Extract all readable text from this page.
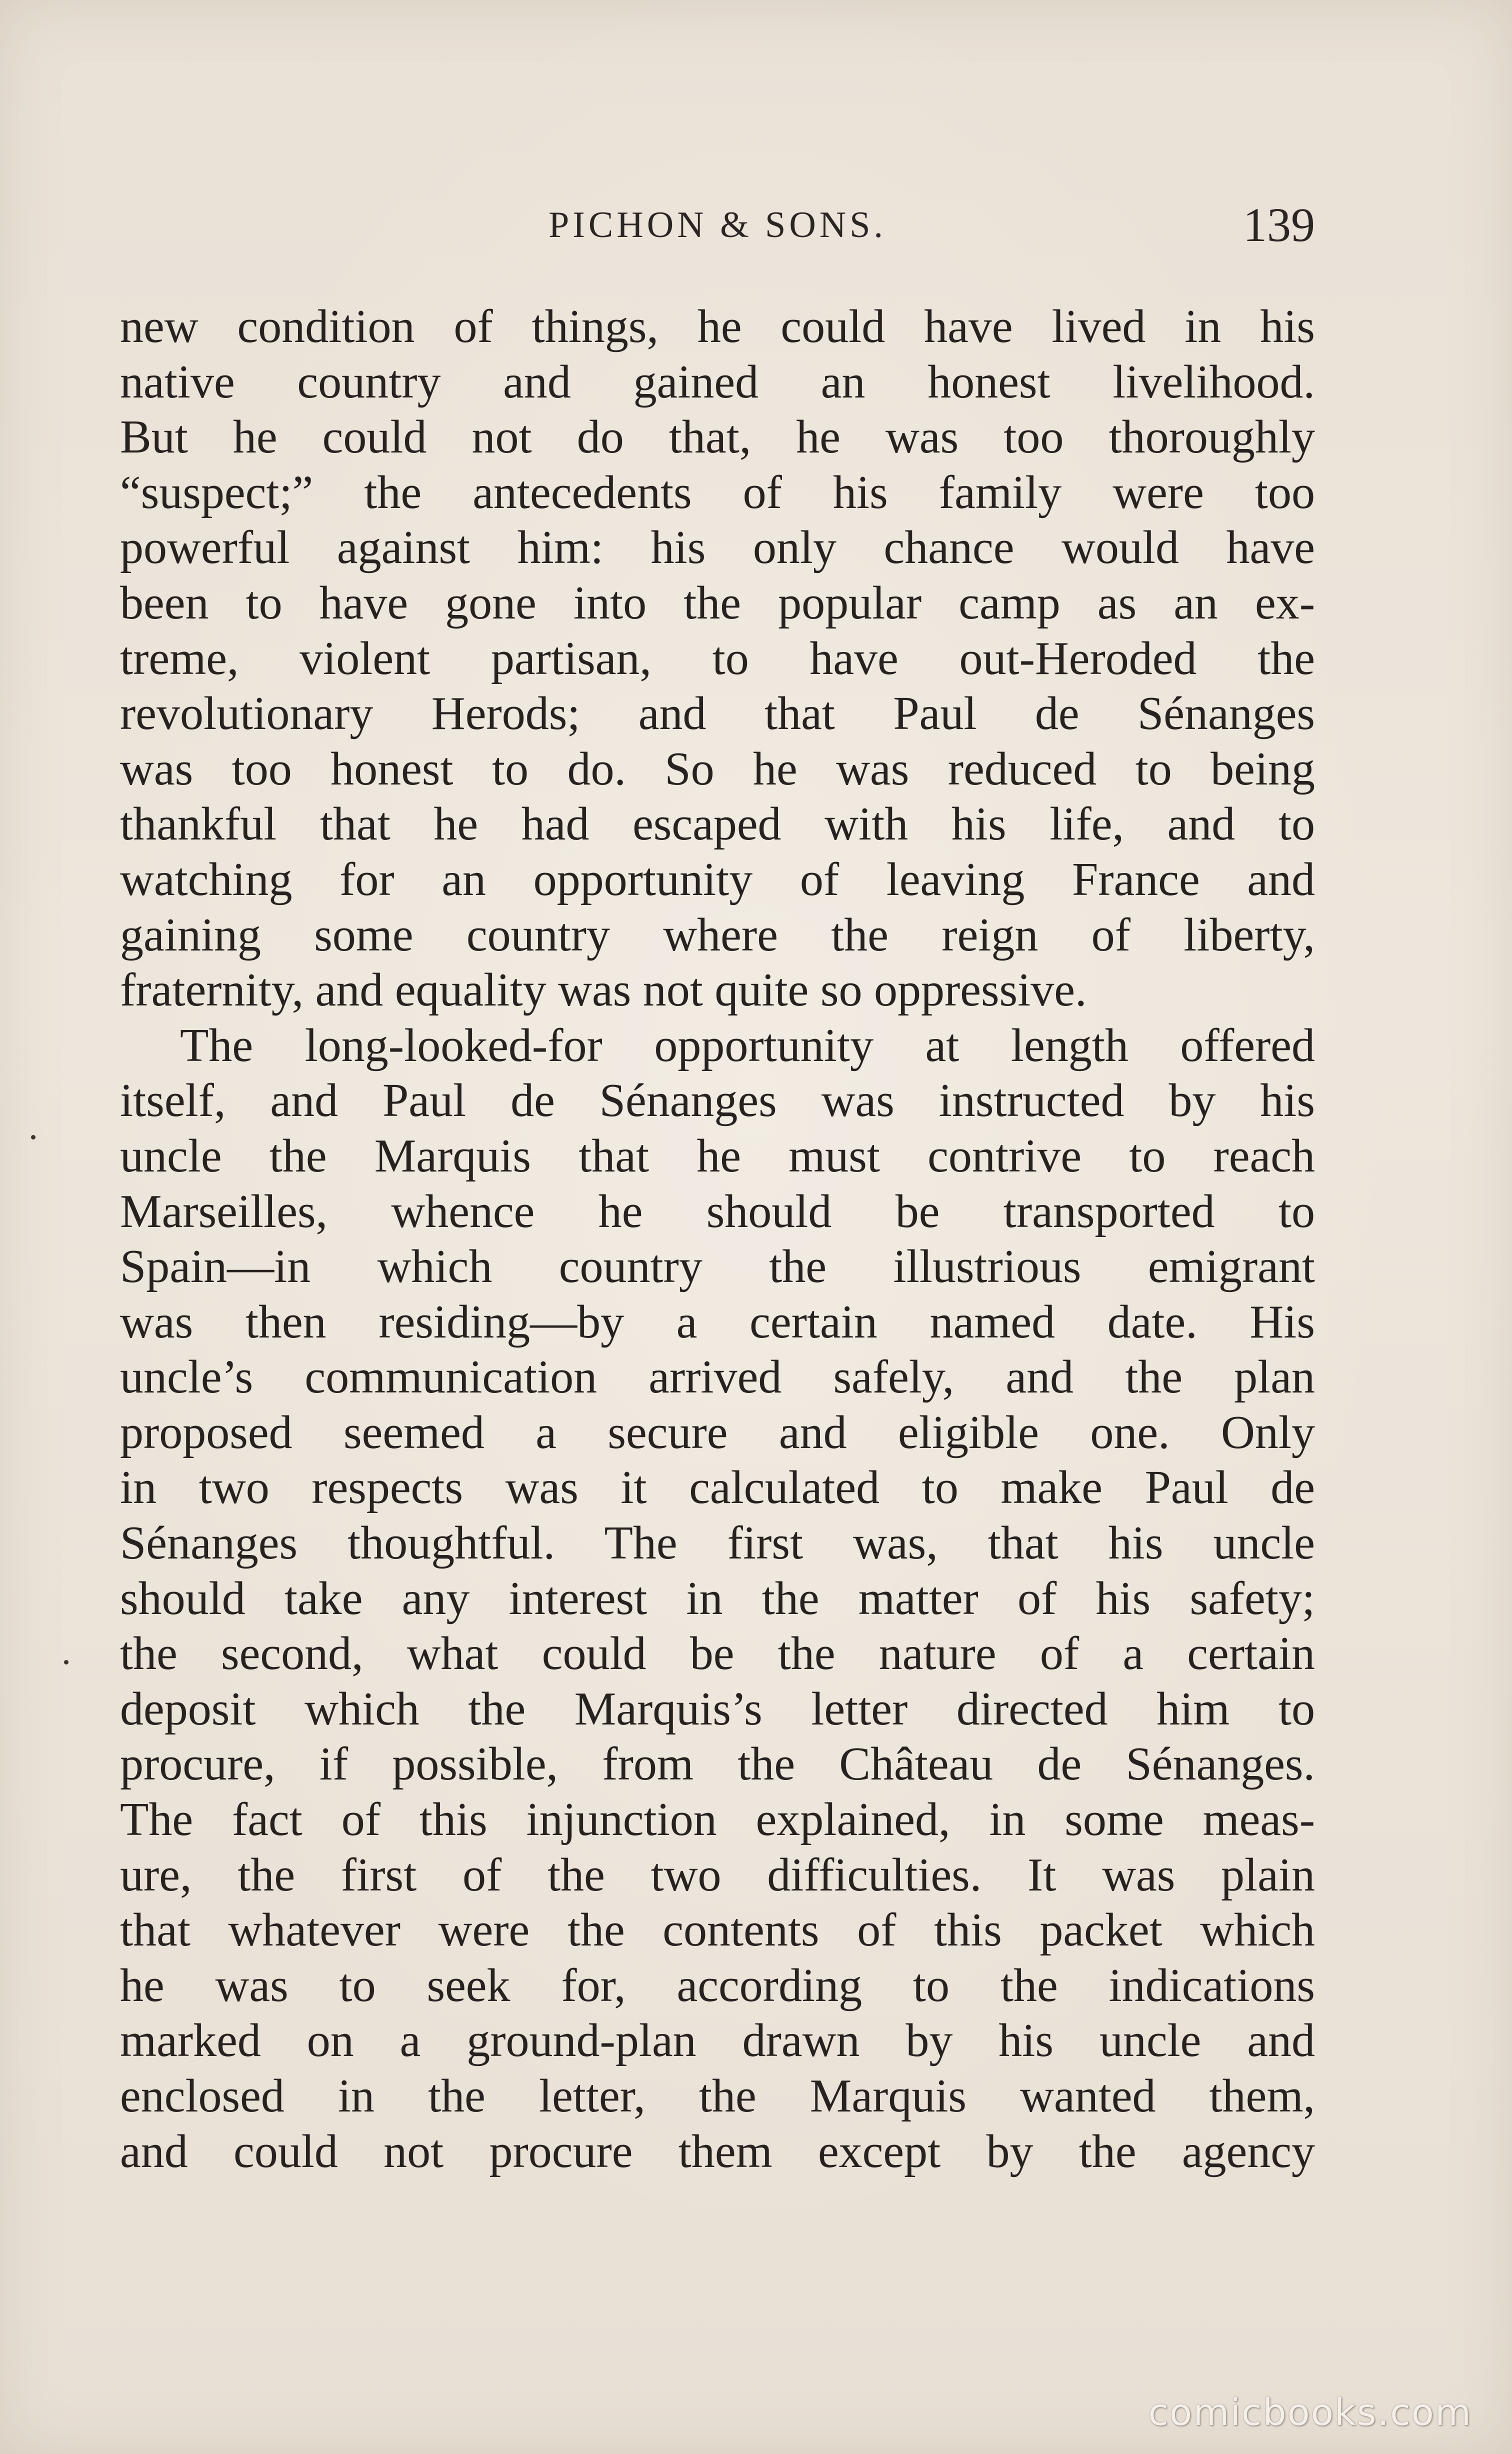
PICHON & SONS.	139
new condition of things, he could have lived in his
native country and gained an honest livelihood.
But he could not do that, he was too thoroughly
“suspect;” the antecedents of his family were too
powerful against him: his only chance would have
been to have gone into the popular camp as an ex-
treme, violent partisan, to have out-Heroded the
revolutionary Herods; and that Paul de Sénanges
was too honest to do. So he was reduced to being
thankful that he had escaped with his life, and to
watching for an opportunity of leaving France and
gaining some country where the reign of liberty,
fraternity, and equality was not quite so oppressive.
The long-looked-for opportunity at length offered
itself, and Paul de Sénanges was instructed by his
uncle the Marquis that he must contrive to reach
Marseilles, whence he should be transported to
Spain—in which country the illustrious emigrant
was then residing—by a certain named date. His
uncle’s communication arrived safely, and the plan
proposed seemed a secure and eligible one. Only
in two respects was it calculated to make Paul de
Sénanges thoughtful. The first was, that his uncle
should take any interest in the matter of his safety;
the second, what could be the nature of a certain
deposit which the Marquis’s letter directed him to
procure, if possible, from the Château de Sénanges.
The fact of this injunction explained, in some meas-
ure, the first of the two difficulties. It was plain
that whatever were the contents of this packet which
he was to seek for, according to the indications
marked on a ground-plan drawn by his uncle and
enclosed in the letter, the Marquis wanted them,
and could not procure them except by the agency
comicbooks.com
